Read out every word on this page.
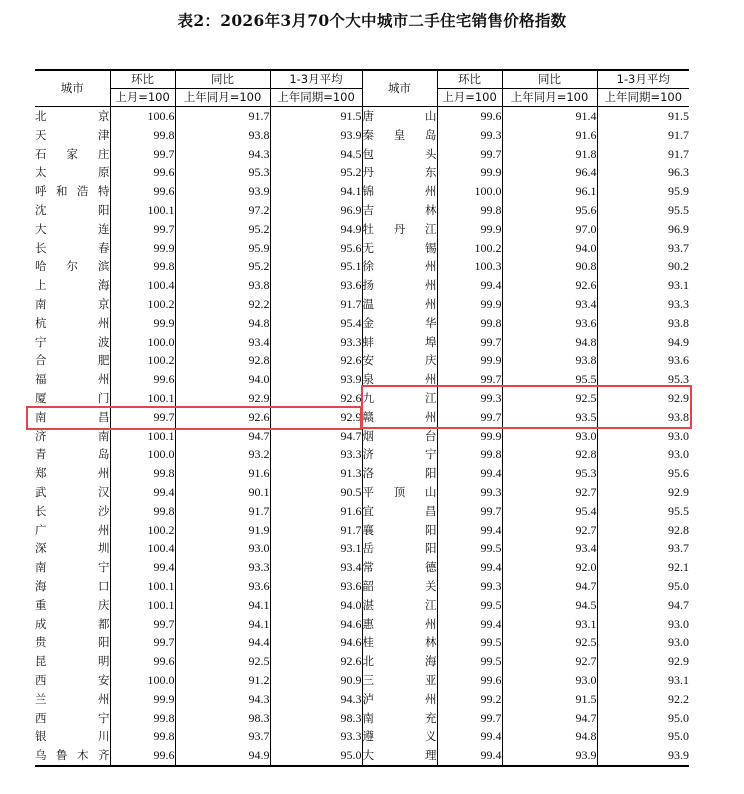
表2：2026年3月70个大中城市二手住宅销售价格指数
城市	环比	同比	1-3月平均	城市	环比	同比	1-3月平均
	上月=100	上年同月=100	上年同期=100		上月=100	上年同月=100	上年同期=100
北京	100.6	91.7	91.5	唐山	99.6	91.4	91.5
天津	99.8	93.8	93.9	秦皇岛	99.3	91.6	91.7
石家庄	99.7	94.3	94.5	包头	99.7	91.8	91.7
太原	99.6	95.3	95.2	丹东	99.9	96.4	96.3
呼和浩特	99.6	93.9	94.1	锦州	100.0	96.1	95.9
沈阳	100.1	97.2	96.9	吉林	99.8	95.6	95.5
大连	99.7	95.2	94.9	牡丹江	99.9	97.0	96.9
长春	99.9	95.9	95.6	无锡	100.2	94.0	93.7
哈尔滨	99.8	95.2	95.1	徐州	100.3	90.8	90.2
上海	100.4	93.8	93.6	扬州	99.4	92.6	93.1
南京	100.2	92.2	91.7	温州	99.9	93.4	93.3
杭州	99.9	94.8	95.4	金华	99.8	93.6	93.8
宁波	100.0	93.4	93.3	蚌埠	99.7	94.8	94.9
合肥	100.2	92.8	92.6	安庆	99.9	93.8	93.6
福州	99.6	94.0	93.9	泉州	99.7	95.5	95.3
厦门	100.1	92.9	92.6	九江	99.3	92.5	92.9
南昌	99.7	92.6	92.9	赣州	99.7	93.5	93.8
济南	100.1	94.7	94.7	烟台	99.9	93.0	93.0
青岛	100.0	93.2	93.3	济宁	99.8	92.8	93.0
郑州	99.8	91.6	91.3	洛阳	99.4	95.3	95.6
武汉	99.4	90.1	90.5	平顶山	99.3	92.7	92.9
长沙	99.8	91.7	91.6	宜昌	99.7	95.4	95.5
广州	100.2	91.9	91.7	襄阳	99.4	92.7	92.8
深圳	100.4	93.0	93.1	岳阳	99.5	93.4	93.7
南宁	99.4	93.3	93.4	常德	99.4	92.0	92.1
海口	100.1	93.6	93.6	韶关	99.3	94.7	95.0
重庆	100.1	94.1	94.0	湛江	99.5	94.5	94.7
成都	99.7	94.1	94.6	惠州	99.4	93.1	93.0
贵阳	99.7	94.4	94.6	桂林	99.5	92.5	93.0
昆明	99.6	92.5	92.6	北海	99.5	92.7	92.9
西安	100.0	91.2	90.9	三亚	99.6	93.0	93.1
兰州	99.9	94.3	94.3	泸州	99.2	91.5	92.2
西宁	99.8	98.3	98.3	南充	99.7	94.7	95.0
银川	99.8	93.7	93.3	遵义	99.4	94.8	95.0
乌鲁木齐	99.6	94.9	95.0	大理	99.4	93.9	93.9
